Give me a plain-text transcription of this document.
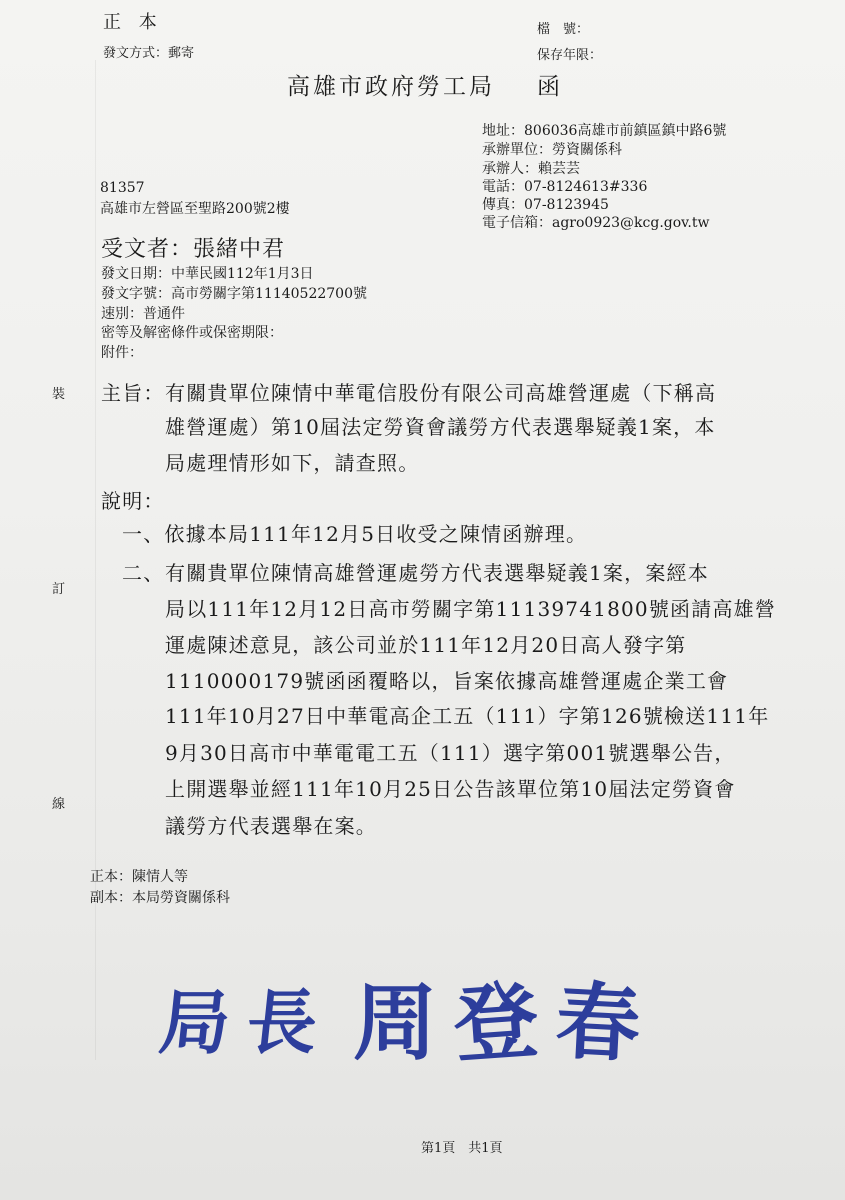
正 本
發文方式：郵寄
檔　號：
保存年限：
高雄市政府勞工局 函
地址：806036高雄市前鎮區鎮中路6號
承辦單位：勞資關係科
承辦人：賴芸芸
電話：07-8124613#336
傳真：07-8123945
電子信箱：agro0923@kcg.gov.tw
81357
高雄市左營區至聖路200號2樓
受文者：張緒中君
發文日期：中華民國112年1月3日
發文字號：高市勞關字第11140522700號
速別：普通件
密等及解密條件或保密期限：
附件：
裝
訂
線
主旨： 有關貴單位陳情中華電信股份有限公司高雄營運處（下稱高
雄營運處）第10屆法定勞資會議勞方代表選舉疑義1案，本
局處理情形如下，請查照。
說明：
一、依據本局111年12月5日收受之陳情函辦理。
二、 有關貴單位陳情高雄營運處勞方代表選舉疑義1案，案經本
局以111年12月12日高市勞關字第11139741800號函請高雄營
運處陳述意見，該公司並於111年12月20日高人發字第
1110000179號函函覆略以，旨案依據高雄營運處企業工會
111年10月27日中華電高企工五（111）字第126號檢送111年
9月30日高市中華電電工五（111）選字第001號選舉公告，
上開選舉並經111年10月25日公告該單位第10屆法定勞資會
議勞方代表選舉在案。
正本：陳情人等
副本：本局勞資關係科
局 長 周 登 春
第1頁　共1頁
